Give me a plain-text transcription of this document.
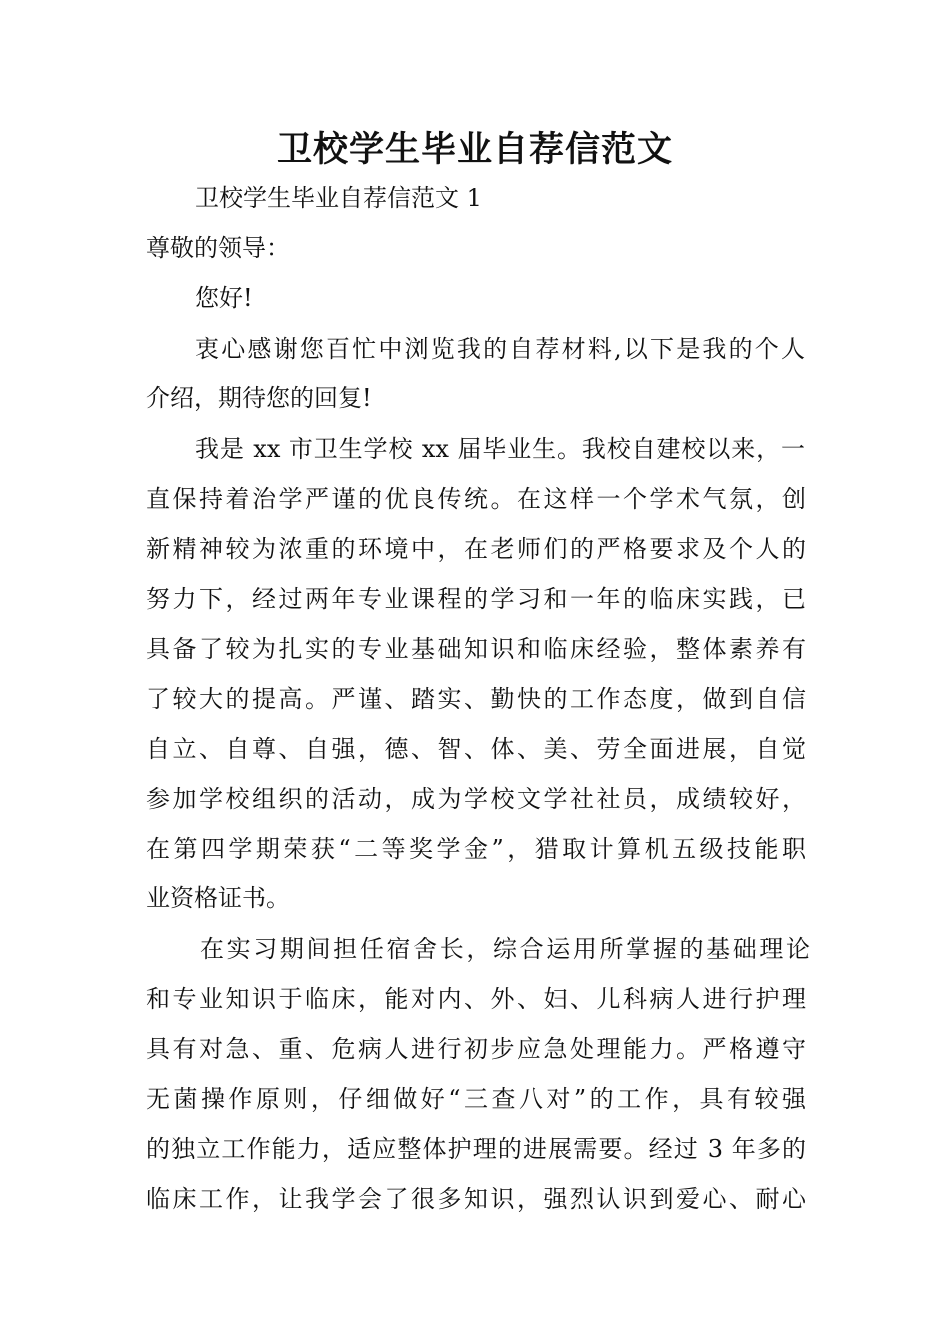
卫校学生毕业自荐信范文

卫校学生毕业自荐信范文 1

尊敬的领导：

您好!

衷心感谢您百忙中浏览我的自荐材料,以下是我的个人

介绍，期待您的回复!

我是 xx 市卫生学校 xx 届毕业生。我校自建校以来，一

直保持着治学严谨的优良传统。在这样一个学术气氛，创

新精神较为浓重的环境中，在老师们的严格要求及个人的

努力下，经过两年专业课程的学习和一年的临床实践，已

具备了较为扎实的专业基础知识和临床经验，整体素养有

了较大的提高。严谨、踏实、勤快的工作态度，做到自信

自立、自尊、自强，德、智、体、美、劳全面进展，自觉

参加学校组织的活动，成为学校文学社社员，成绩较好，

在第四学期荣获“二等奖学金”，猎取计算机五级技能职

业资格证书。

在实习期间担任宿舍长，综合运用所掌握的基础理论

和专业知识于临床，能对内、外、妇、儿科病人进行护理

具有对急、重、危病人进行初步应急处理能力。严格遵守

无菌操作原则，仔细做好“三查八对”的工作，具有较强

的独立工作能力，适应整体护理的进展需要。经过 3 年多的

临床工作，让我学会了很多知识，强烈认识到爱心、耐心
